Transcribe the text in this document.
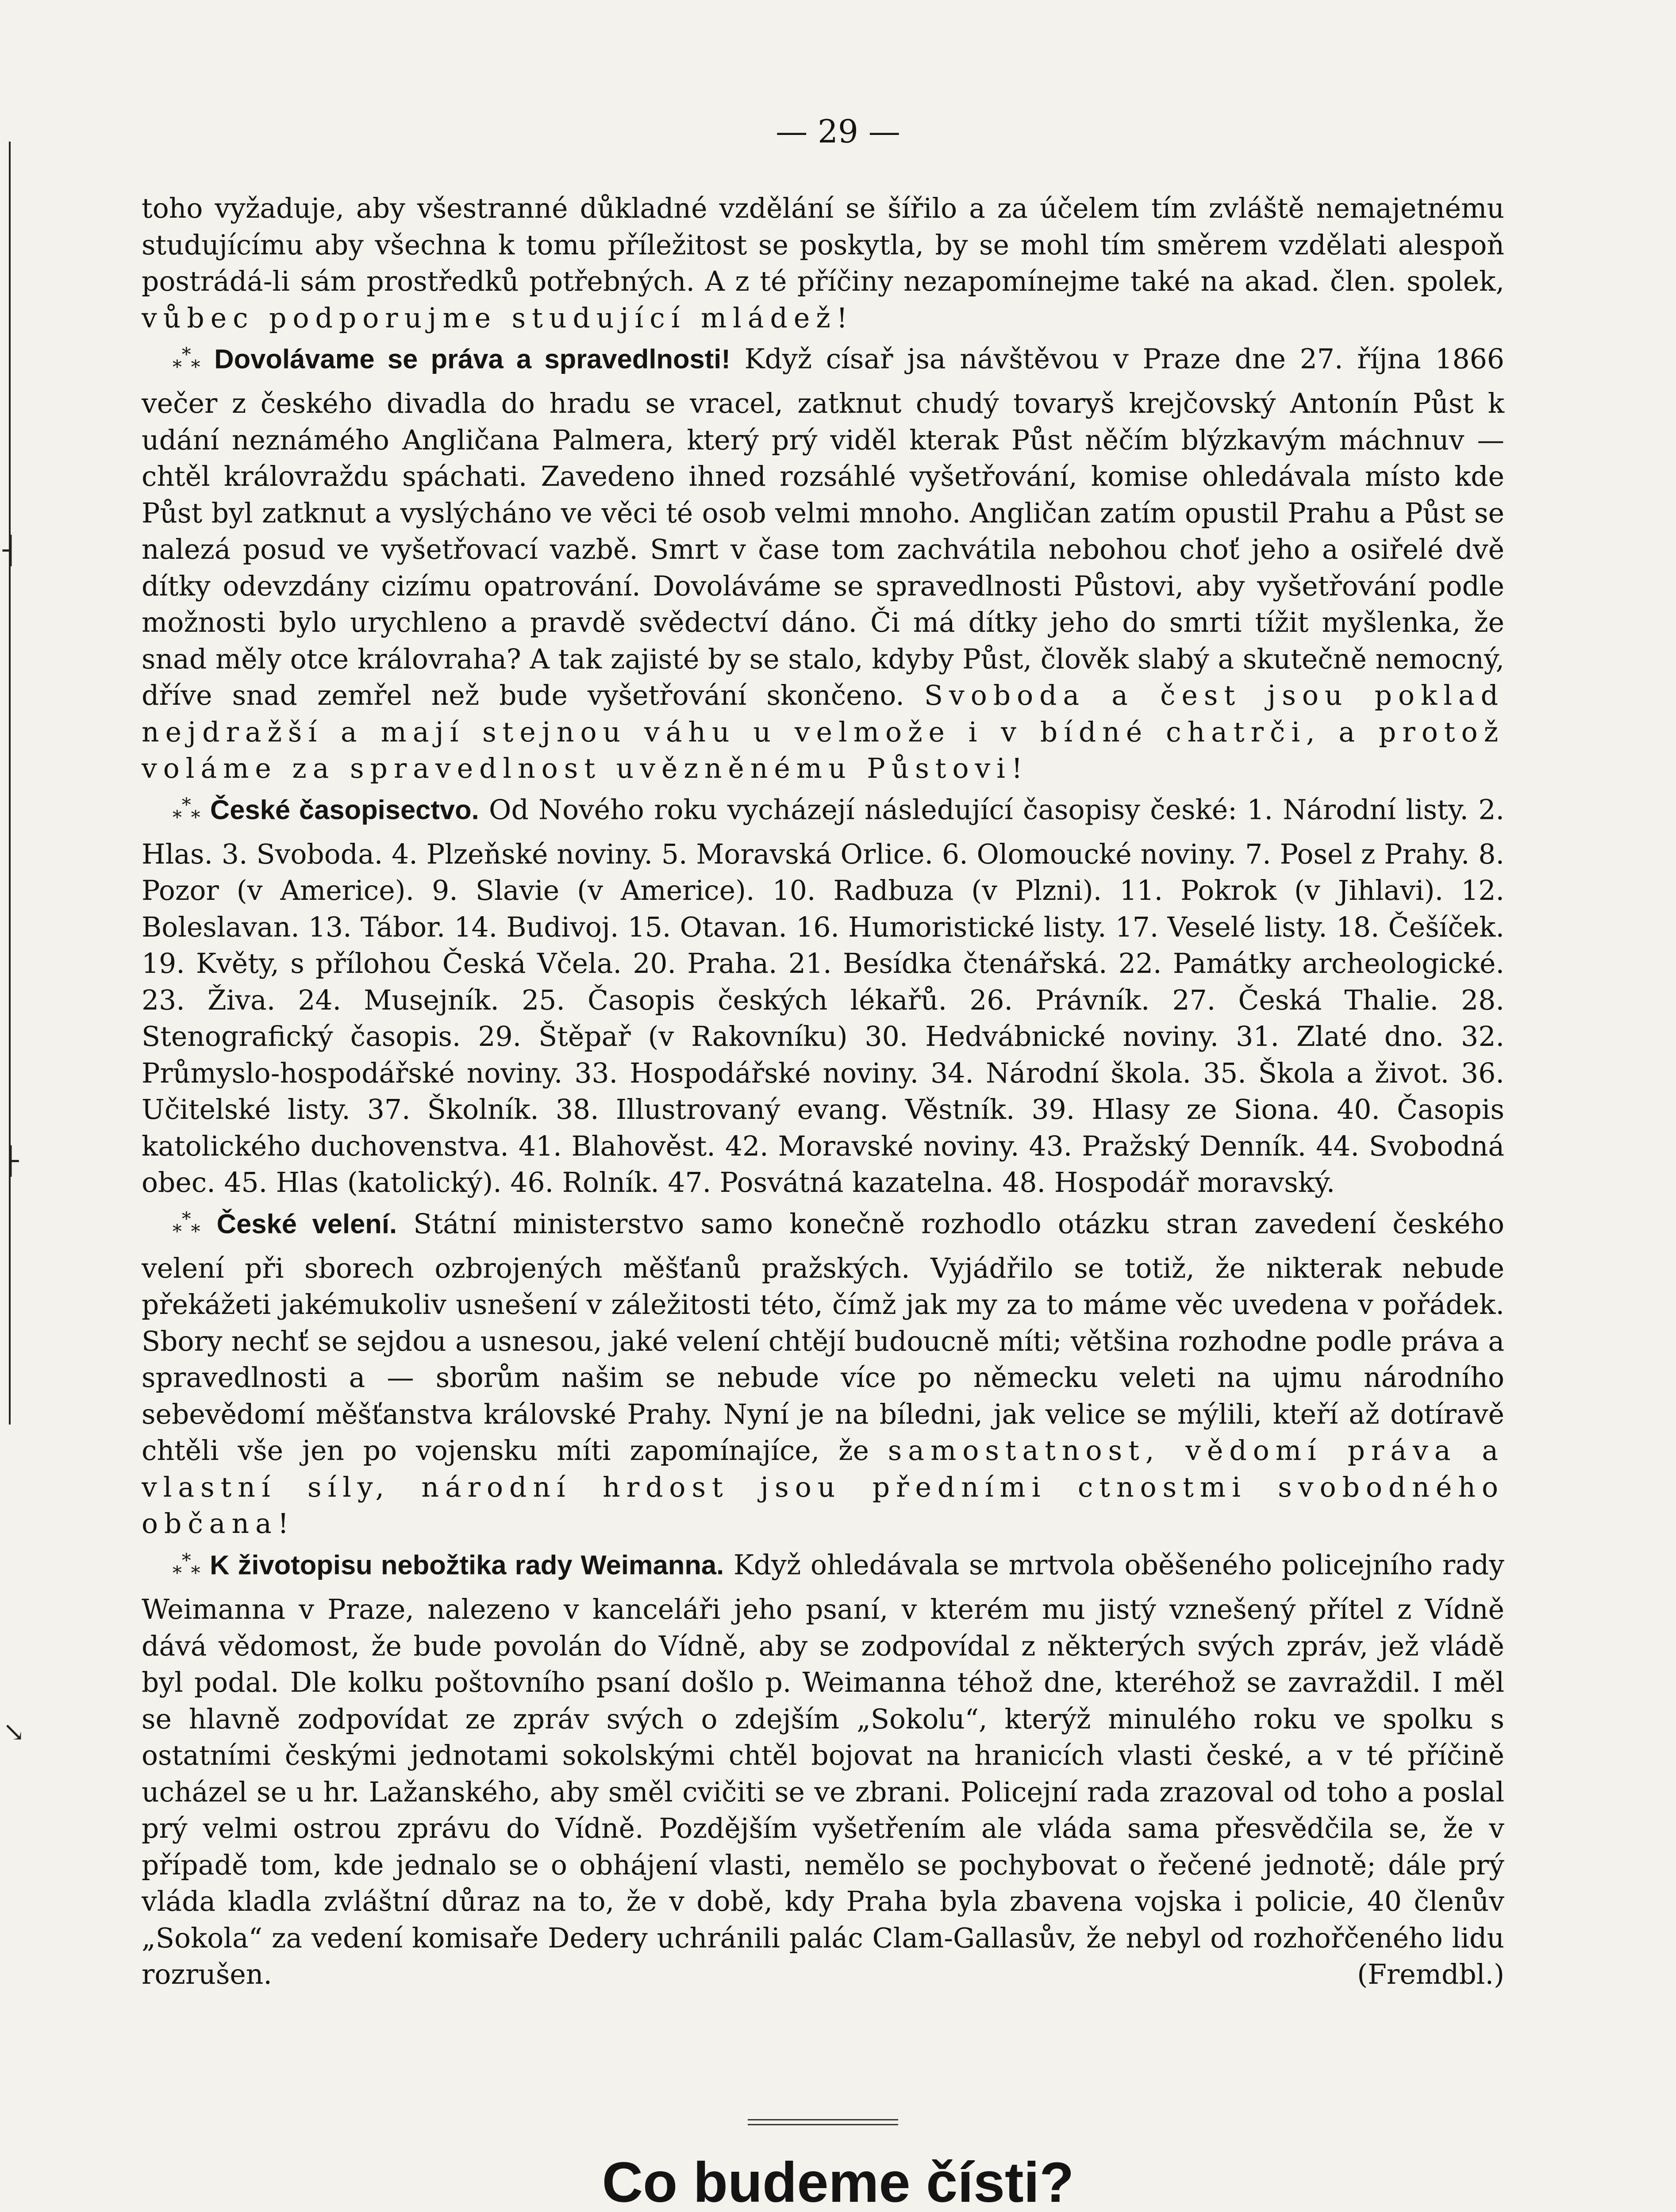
┤
├
↘
— 29 —

toho vyžaduje, aby všestranné důkladné vzdělání se šířilo a za účelem tím zvláště nemajetnému studujícímu aby všechna k tomu příležitost se poskytla, by se mohl tím směrem vzdělati alespoň postrádá-li sám prostředků potřebných. A z té příčiny nezapomínejme také na akad. člen. spolek, vůbec podporujme studující mládež!

$_*$*$_*$ Dovolávame se práva a spravedlnosti! Když císař jsa návštěvou v Praze dne 27. října 1866 večer z českého divadla do hradu se vracel, zatknut chudý tovaryš krejčovský Antonín Půst k udání neznámého Angličana Palmera, který prý viděl kterak Půst něčím blýzkavým máchnuv — chtěl královraždu spáchati. Zavedeno ihned rozsáhlé vyšetřování, komise ohledávala místo kde Půst byl zatknut a vyslýcháno ve věci té osob velmi mnoho. Angličan zatím opustil Prahu a Půst se nalezá posud ve vyšetřovací vazbě. Smrt v čase tom zachvátila nebohou choť jeho a osiřelé dvě dítky odevzdány cizímu opatrování. Dovoláváme se spravedlnosti Půstovi, aby vyšetřování podle možnosti bylo urychleno a pravdě svědectví dáno. Či má dítky jeho do smrti tížit myšlenka, že snad měly otce královraha? A tak zajisté by se stalo, kdyby Půst, člověk slabý a skutečně nemocný, dříve snad zemřel než bude vyšetřování skončeno. Svoboda a čest jsou poklad nejdražší a mají stejnou váhu u velmože i v bídné chatrči, a protož voláme za spravedlnost uvězněnému Půstovi!

$_*$*$_*$ České časopisectvo. Od Nového roku vycházejí následující časopisy české: 1. Národní listy. 2. Hlas. 3. Svoboda. 4. Plzeňské noviny. 5. Moravská Orlice. 6. Olomoucké noviny. 7. Posel z Prahy. 8. Pozor (v Americe). 9. Slavie (v Americe). 10. Radbuza (v Plzni). 11. Pokrok (v Jihlavi). 12. Boleslavan. 13. Tábor. 14. Budivoj. 15. Otavan. 16. Humoristické listy. 17. Veselé listy. 18. Češíček. 19. Květy, s přílohou Česká Včela. 20. Praha. 21. Besídka čtenářská. 22. Památky archeologické. 23. Živa. 24. Musejník. 25. Časopis českých lékařů. 26. Právník. 27. Česká Thalie. 28. Stenografický časopis. 29. Štěpař (v Rakovníku) 30. Hedvábnické noviny. 31. Zlaté dno. 32. Průmyslo-hospodářské noviny. 33. Hospodářské noviny. 34. Národní škola. 35. Škola a život. 36. Učitelské listy. 37. Školník. 38. Illustrovaný evang. Věstník. 39. Hlasy ze Siona. 40. Časopis katolického duchovenstva. 41. Blahověst. 42. Moravské noviny. 43. Pražský Denník. 44. Svobodná obec. 45. Hlas (katolický). 46. Rolník. 47. Posvátná kazatelna. 48. Hospodář moravský.

$_*$*$_*$ České velení. Státní ministerstvo samo konečně rozhodlo otázku stran zavedení českého velení při sborech ozbrojených měšťanů pražských. Vyjádřilo se totiž, že nikterak nebude překážeti jakémukoliv usnešení v záležitosti této, čímž jak my za to máme věc uvedena v pořádek. Sbory nechť se sejdou a usnesou, jaké velení chtějí budoucně míti; většina rozhodne podle práva a spravedlnosti a — sborům našim se nebude více po německu veleti na ujmu národního sebevědomí měšťanstva královské Prahy. Nyní je na bíledni, jak velice se mýlili, kteří až dotíravě chtěli vše jen po vojensku míti zapomínajíce, že samostatnost, vědomí práva a vlastní síly, národní hrdost jsou předními ctnostmi svobodného občana!

$_*$*$_*$ K životopisu nebožtika rady Weimanna. Když ohledávala se mrtvola oběšeného policejního rady Weimanna v Praze, nalezeno v kanceláři jeho psaní, v kterém mu jistý vznešený přítel z Vídně dává vědomost, že bude povolán do Vídně, aby se zodpovídal z některých svých zpráv, jež vládě byl podal. Dle kolku poštovního psaní došlo p. Weimanna téhož dne, kteréhož se zavraždil. I měl se hlavně zodpovídat ze zpráv svých o zdejším „Sokolu“, kterýž minulého roku ve spolku s ostatními českými jednotami sokolskými chtěl bojovat na hranicích vlasti české, a v té příčině ucházel se u hr. Lažanského, aby směl cvičiti se ve zbrani. Policejní rada zrazoval od toho a poslal prý velmi ostrou zprávu do Vídně. Pozdějším vyšetřením ale vláda sama přesvědčila se, že v případě tom, kde jednalo se o obhájení vlasti, nemělo se pochybovat o řečené jednotě; dále prý vláda kladla zvláštní důraz na to, že v době, kdy Praha byla zbavena vojska i policie, 40 členův „Sokola“ za vedení komisaře Dedery uchránili palác Clam-Gallasův, že nebyl od rozhořčeného lidu rozrušen.	(Fremdbl.)

Co budeme čísti?
